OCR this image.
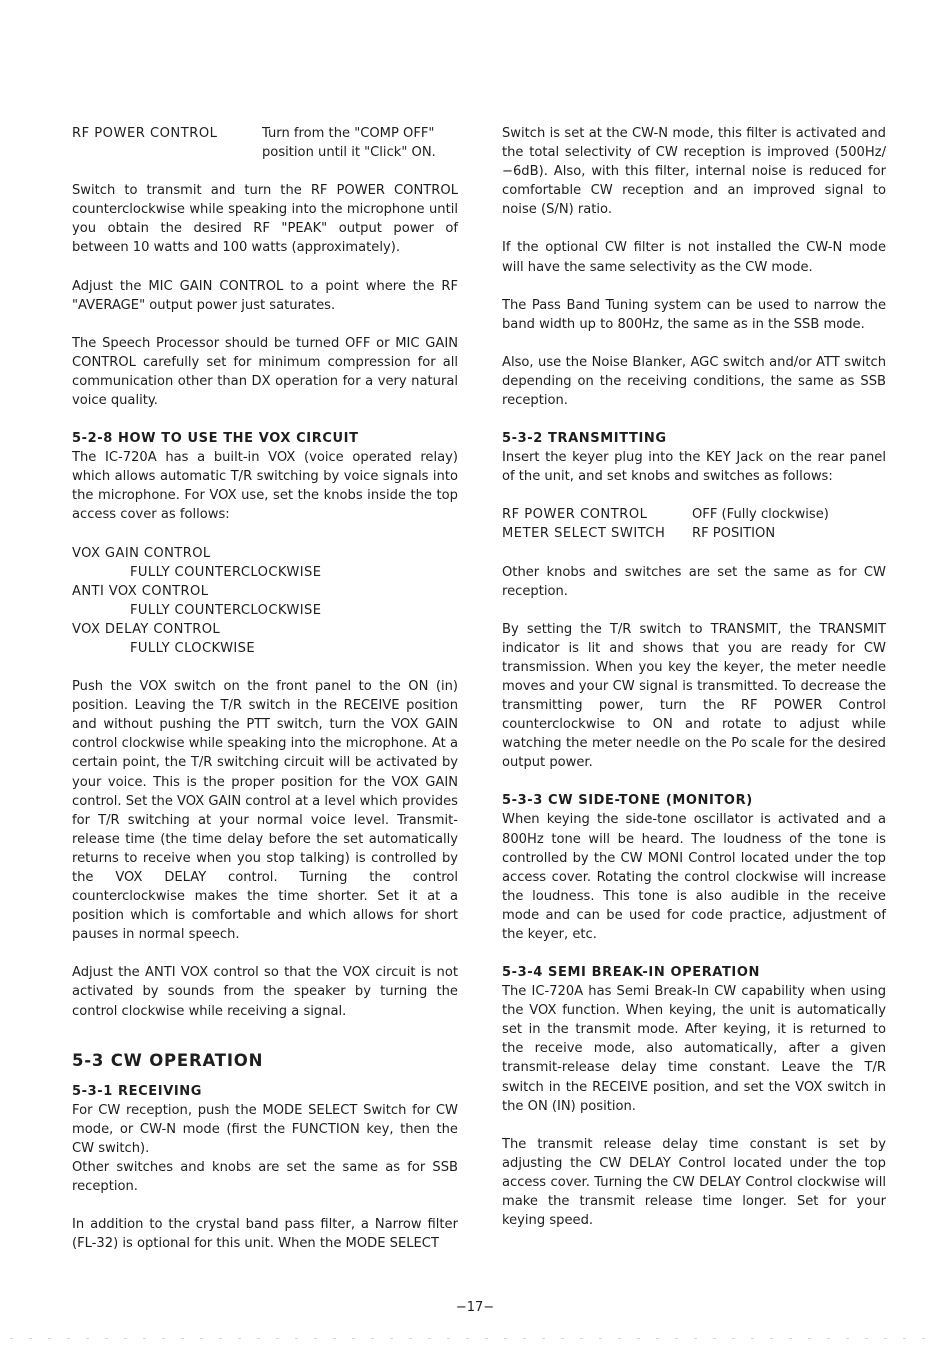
RF POWER CONTROL	Turn from the "COMP OFF" position until it "Click" ON.

Switch to transmit and turn the RF POWER CONTROL counterclockwise while speaking into the microphone until you obtain the desired RF "PEAK" output power of between 10 watts and 100 watts (approximately).

Adjust the MIC GAIN CONTROL to a point where the RF "AVERAGE" output power just saturates.

The Speech Processor should be turned OFF or MIC GAIN CONTROL carefully set for minimum compression for all communication other than DX operation for a very natural voice quality.

5-2-8 HOW TO USE THE VOX CIRCUIT

The IC-720A has a built-in VOX (voice operated relay) which allows automatic T/R switching by voice signals into the microphone. For VOX use, set the knobs inside the top access cover as follows:

VOX GAIN CONTROL

FULLY COUNTERCLOCKWISE

ANTI VOX CONTROL

FULLY COUNTERCLOCKWISE

VOX DELAY CONTROL

FULLY CLOCKWISE

Push the VOX switch on the front panel to the ON (in) position. Leaving the T/R switch in the RECEIVE position and without pushing the PTT switch, turn the VOX GAIN control clockwise while speaking into the microphone. At a certain point, the T/R switching circuit will be activated by your voice. This is the proper position for the VOX GAIN control. Set the VOX GAIN control at a level which provides for T/R switching at your normal voice level. Transmit-release time (the time delay before the set automatically returns to receive when you stop talking) is controlled by the VOX DELAY control. Turning the control counterclockwise makes the time shorter. Set it at a position which is comfortable and which allows for short pauses in normal speech.

Adjust the ANTI VOX control so that the VOX circuit is not activated by sounds from the speaker by turning the control clockwise while receiving a signal.

5-3 CW OPERATION
5-3-1 RECEIVING

For CW reception, push the MODE SELECT Switch for CW mode, or CW-N mode (first the FUNCTION key, then the CW switch).

Other switches and knobs are set the same as for SSB reception.

In addition to the crystal band pass filter, a Narrow filter (FL-32) is optional for this unit. When the MODE SELECT

Switch is set at the CW-N mode, this filter is activated and the total selectivity of CW reception is improved (500Hz/−6dB). Also, with this filter, internal noise is reduced for comfortable CW reception and an improved signal to noise (S/N) ratio.

If the optional CW filter is not installed the CW-N mode will have the same selectivity as the CW mode.

The Pass Band Tuning system can be used to narrow the band width up to 800Hz, the same as in the SSB mode.

Also, use the Noise Blanker, AGC switch and/or ATT switch depending on the receiving conditions, the same as SSB reception.

5-3-2 TRANSMITTING

Insert the keyer plug into the KEY Jack on the rear panel of the unit, and set knobs and switches as follows:

RF POWER CONTROL	OFF (Fully clockwise)
METER SELECT SWITCH	RF POSITION

Other knobs and switches are set the same as for CW reception.

By setting the T/R switch to TRANSMIT, the TRANSMIT indicator is lit and shows that you are ready for CW transmission. When you key the keyer, the meter needle moves and your CW signal is transmitted. To decrease the transmitting power, turn the RF POWER Control counterclockwise to ON and rotate to adjust while watching the meter needle on the Po scale for the desired output power.

5-3-3 CW SIDE-TONE (MONITOR)

When keying the side-tone oscillator is activated and a 800Hz tone will be heard. The loudness of the tone is controlled by the CW MONI Control located under the top access cover. Rotating the control clockwise will increase the loudness. This tone is also audible in the receive mode and can be used for code practice, adjustment of the keyer, etc.

5-3-4 SEMI BREAK-IN OPERATION

The IC-720A has Semi Break-In CW capability when using the VOX function. When keying, the unit is automatically set in the transmit mode. After keying, it is returned to the receive mode, also automatically, after a given transmit-release delay time constant. Leave the T/R switch in the RECEIVE position, and set the VOX switch in the ON (IN) position.

The transmit release delay time constant is set by adjusting the CW DELAY Control located under the top access cover. Turning the CW DELAY Control clockwise will make the transmit release time longer. Set for your keying speed.

−17−
